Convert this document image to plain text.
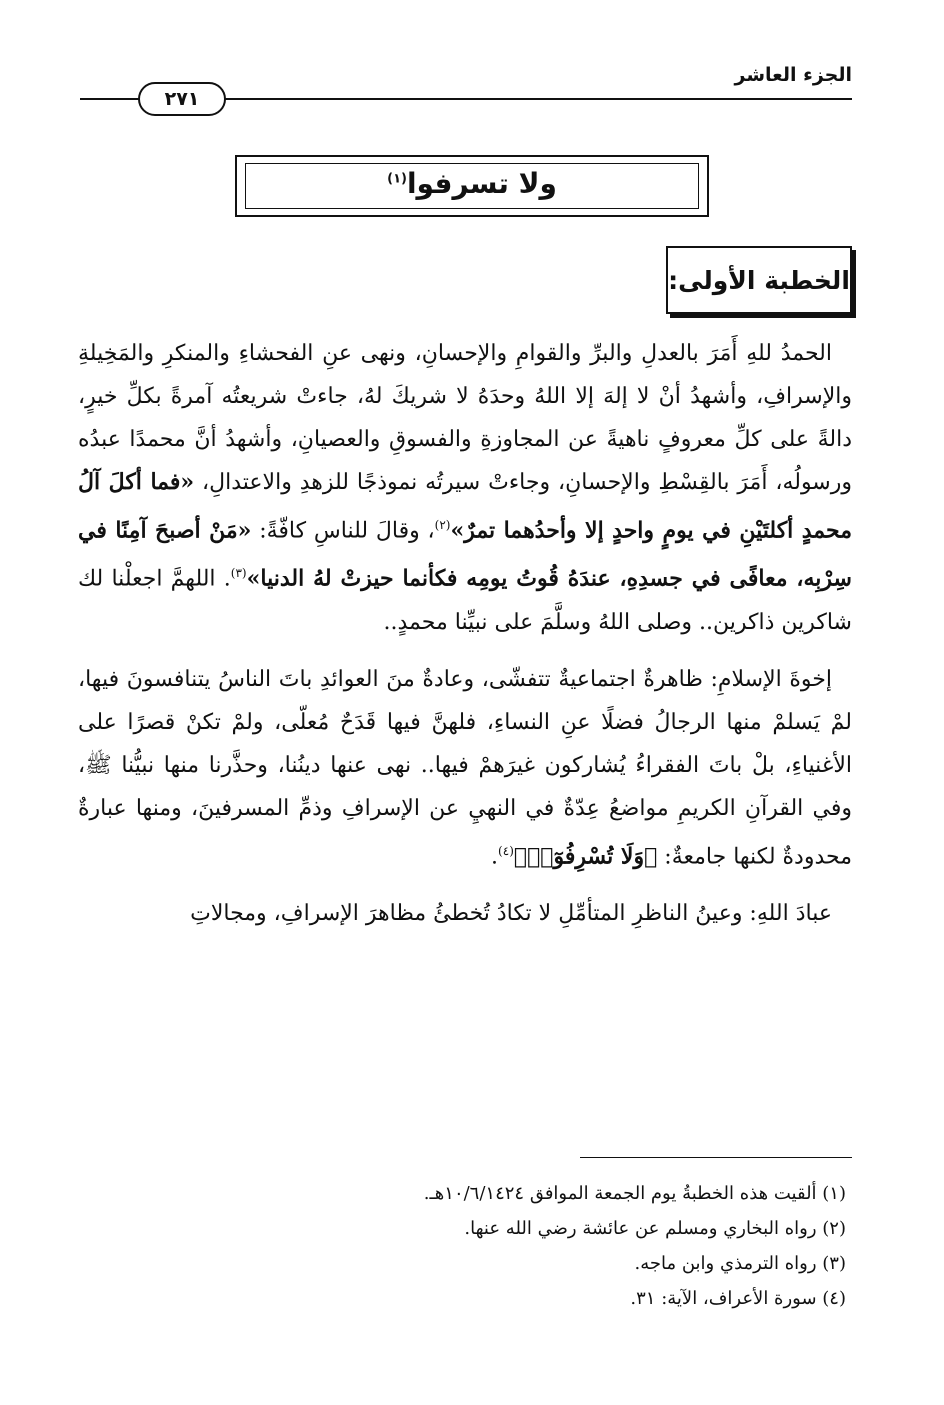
الجزء العاشر
٢٧١
ولا تسرفوا$^{(١)}$
الخطبة الأولى:

الحمدُ للهِ أَمَرَ بالعدلِ والبرِّ والقوامِ والإحسانِ، ونهى عنِ الفحشاءِ والمنكرِ والمَخِيلةِ والإسرافِ، وأشهدُ أنْ لا إلهَ إلا اللهُ وحدَهُ لا شريكَ لهُ، جاءتْ شريعتُه آمرةً بكلِّ خيرٍ، دالةً على كلِّ معروفٍ ناهيةً عن المجاوزةِ والفسوقِ والعصيانِ، وأشهدُ أنَّ محمدًا عبدُه ورسولُه، أَمَرَ بالقِسْطِ والإحسانِ، وجاءتْ سيرتُه نموذجًا للزهدِ والاعتدالِ، «فما أكلَ آلُ محمدٍ أكلتَيْنِ في يومٍ واحدٍ إلا وأحدُهما تمرٌ»$^{(٢)}$، وقالَ للناسِ كافّةً: «مَنْ أصبحَ آمِنًا في سِرْبِه، معافًى في جسدِهِ، عندَهُ قُوتُ يومِه فكأنما حيزتْ لهُ الدنيا»$^{(٣)}$. اللهمَّ اجعلْنا لك شاكرين ذاكرين.. وصلى اللهُ وسلَّمَ على نبيِّنا محمدٍ..

إخوةَ الإسلامِ: ظاهرةٌ اجتماعيةٌ تتفشّى، وعادةٌ منَ العوائدِ باتَ الناسُ يتنافسونَ فيها، لمْ يَسلمْ منها الرجالُ فضلًا عنِ النساءِ، فلهنَّ فيها قَدَحٌ مُعلّى، ولمْ تكنْ قصرًا على الأغنياءِ، بلْ باتَ الفقراءُ يُشاركون غيرَهمْ فيها.. نهى عنها دينُنا، وحذَّرنا منها نبيُّنا ﷺ، وفي القرآنِ الكريمِ مواضعُ عِدّةٌ في النهيِ عن الإسرافِ وذمِّ المسرفينَ، ومنها عبارةٌ محدودةٌ لكنها جامعةٌ: ﴿وَلَا تُسْرِفُوٓا۟﴾$^{(٤)}$.

عبادَ اللهِ: وعينُ الناظرِ المتأمِّلِ لا تكادُ تُخطئُ مظاهرَ الإسرافِ، ومجالاتِ

(١) ألقيت هذه الخطبةُ يوم الجمعة الموافق ١٠/٦/١٤٢٤هـ.

(٢) رواه البخاري ومسلم عن عائشة رضي الله عنها.

(٣) رواه الترمذي وابن ماجه.

(٤) سورة الأعراف، الآية: ٣١.
